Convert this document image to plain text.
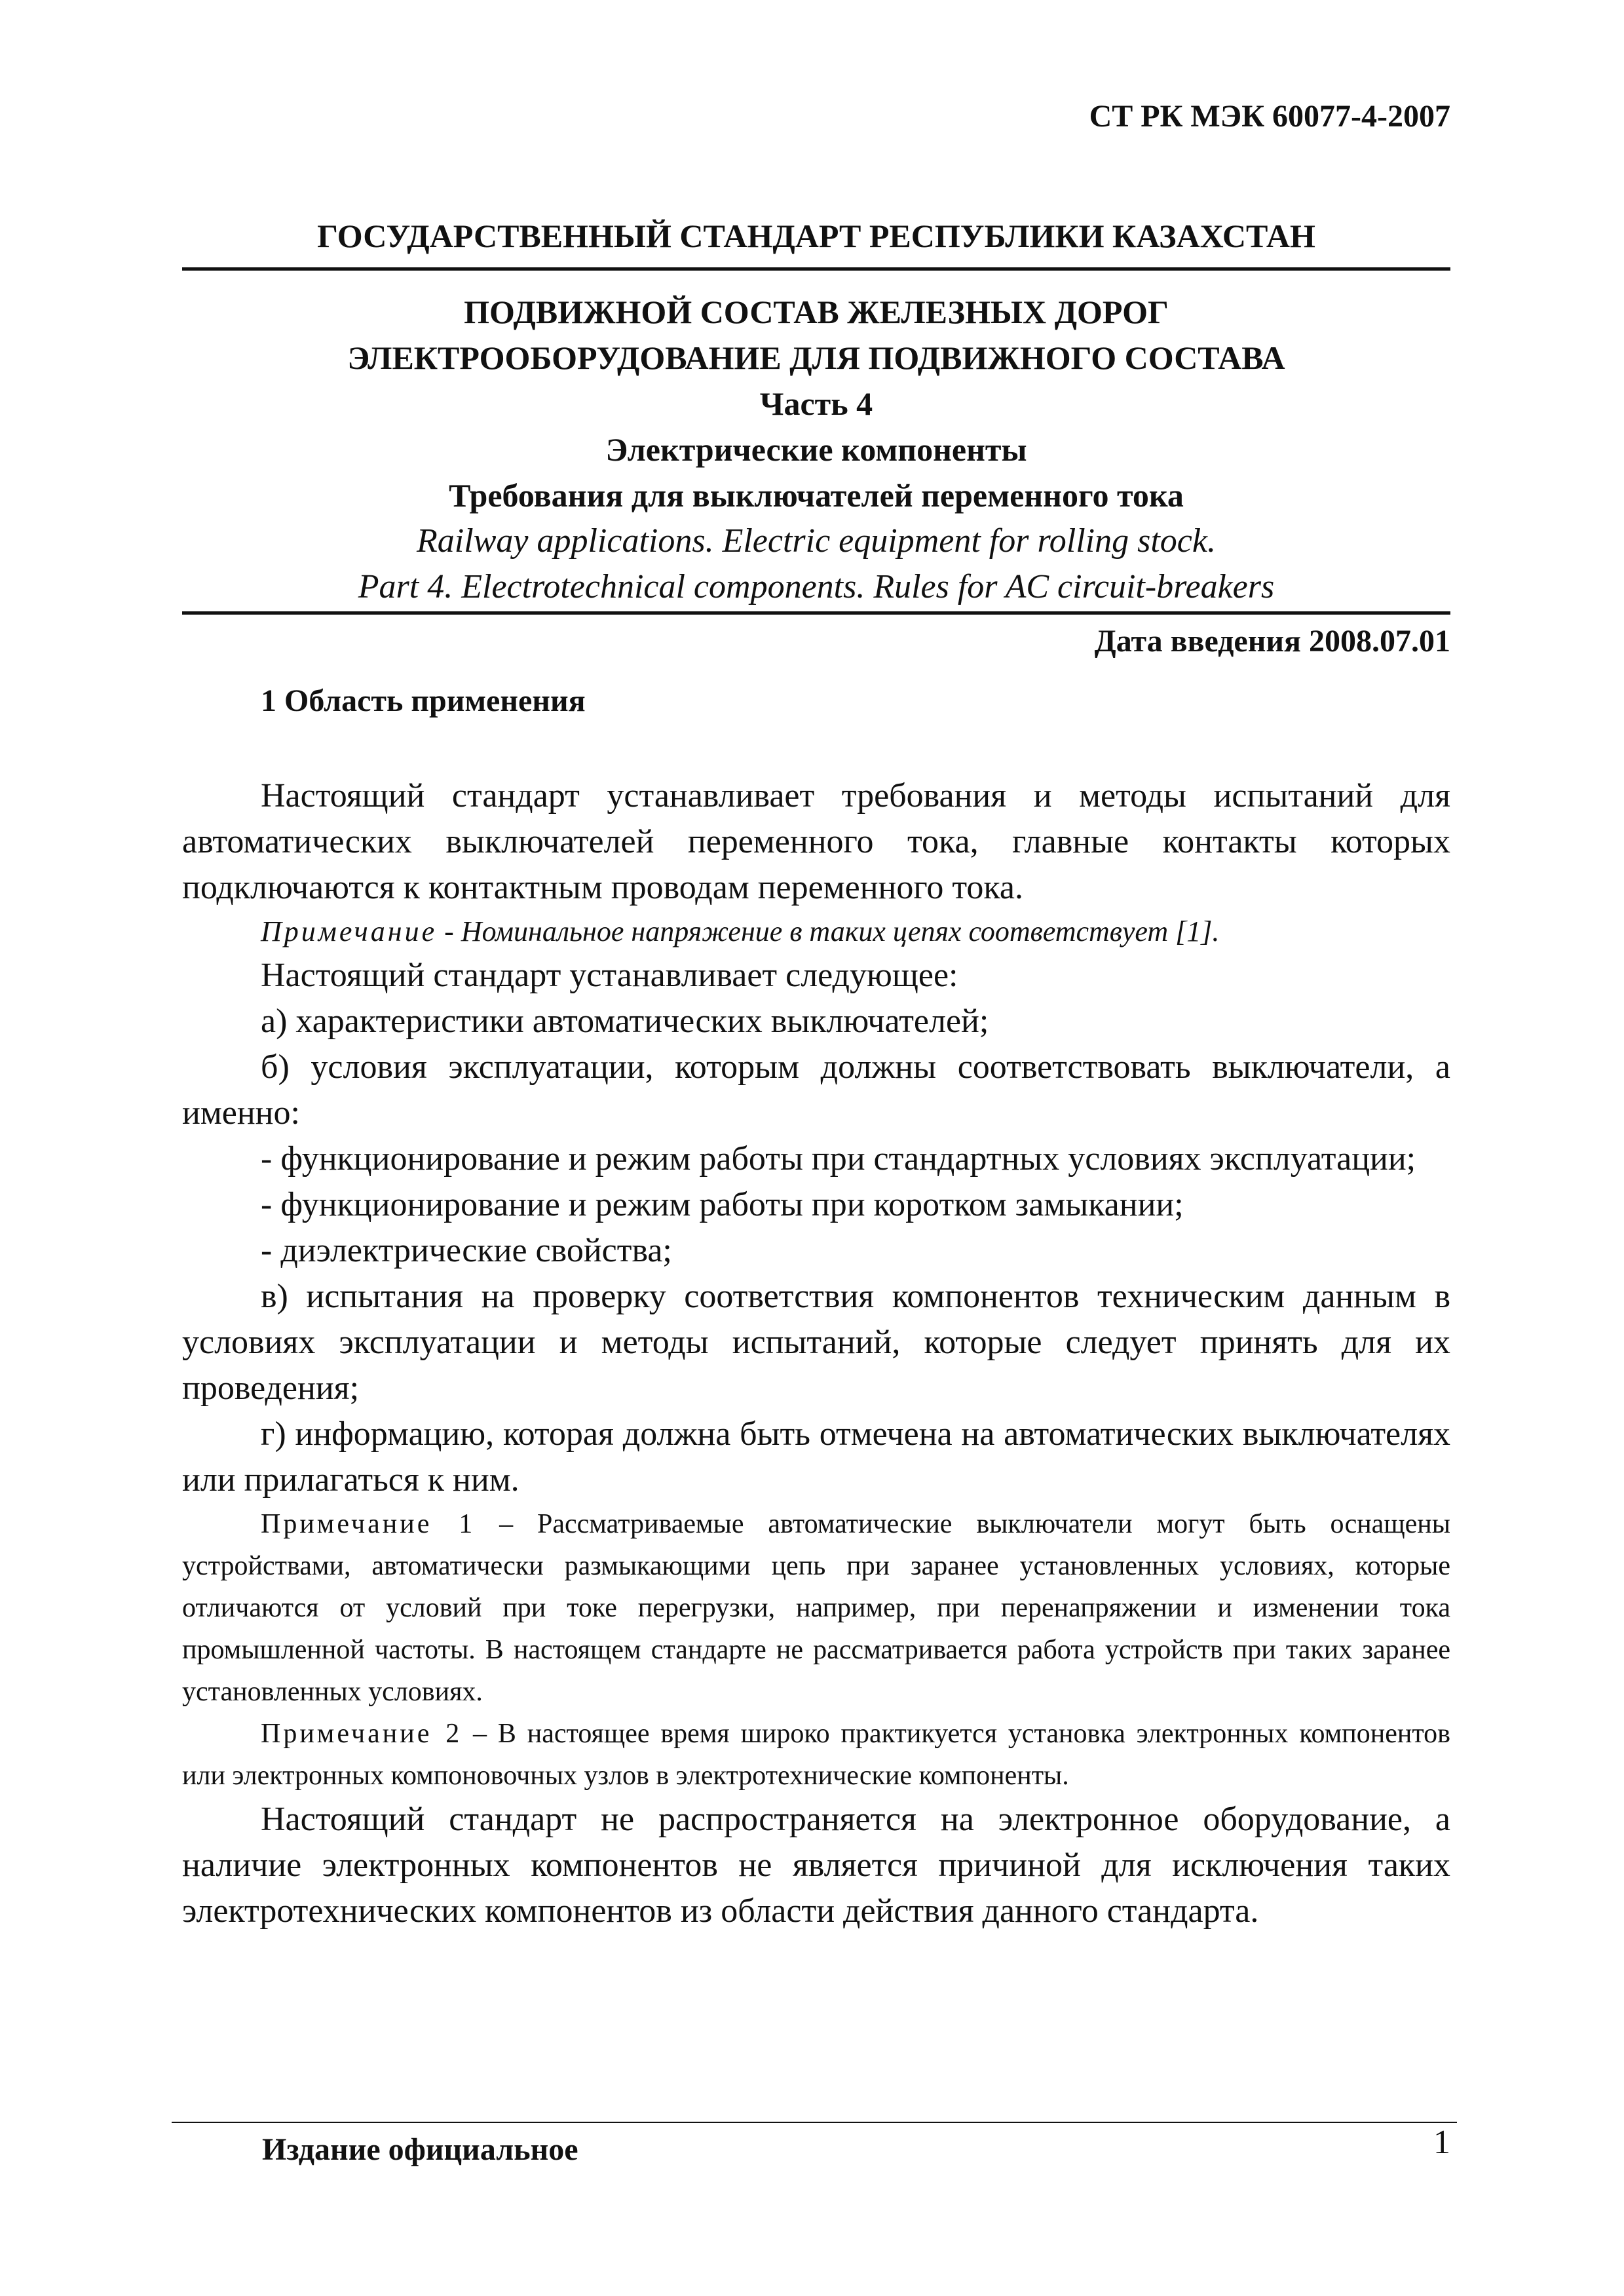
СТ РК МЭК 60077-4-2007

ГОСУДАРСТВЕННЫЙ СТАНДАРТ РЕСПУБЛИКИ КАЗАХСТАН

ПОДВИЖНОЙ СОСТАВ ЖЕЛЕЗНЫХ ДОРОГ
ЭЛЕКТРООБОРУДОВАНИЕ ДЛЯ ПОДВИЖНОГО СОСТАВА
Часть 4
Электрические компоненты
Требования для выключателей переменного тока
Railway applications. Electric equipment for rolling stock.
Part 4. Electrotechnical components. Rules for AC circuit-breakers
Дата введения 2008.07.01

1 Область применения

Настоящий стандарт устанавливает требования и методы испытаний для автоматических выключателей переменного тока, главные контакты которых подключаются к контактным проводам переменного тока.

Примечание - Номинальное напряжение в таких цепях соответствует [1].

Настоящий стандарт устанавливает следующее:

а) характеристики автоматических выключателей;

б) условия эксплуатации, которым должны соответствовать выключатели, а именно:

- функционирование и режим работы при стандартных условиях эксплуатации;

- функционирование и режим работы при коротком замыкании;

- диэлектрические свойства;

в) испытания на проверку соответствия компонентов техническим данным в условиях эксплуатации и методы испытаний, которые следует принять для их проведения;

г) информацию, которая должна быть отмечена на автоматических выключателях или прилагаться к ним.

Примечание 1 – Рассматриваемые автоматические выключатели могут быть оснащены устройствами, автоматически размыкающими цепь при заранее установленных условиях, которые отличаются от условий при токе перегрузки, например, при перенапряжении и изменении тока промышленной частоты. В настоящем стандарте не рассматривается работа устройств при таких заранее установленных условиях.

Примечание 2 – В настоящее время широко практикуется установка электронных компонентов или электронных компоновочных узлов в электротехнические компоненты.

Настоящий стандарт не распространяется на электронное оборудование, а наличие электронных компонентов не является причиной для исключения таких электротехнических компонентов из области действия данного стандарта.

Издание официальное	1
